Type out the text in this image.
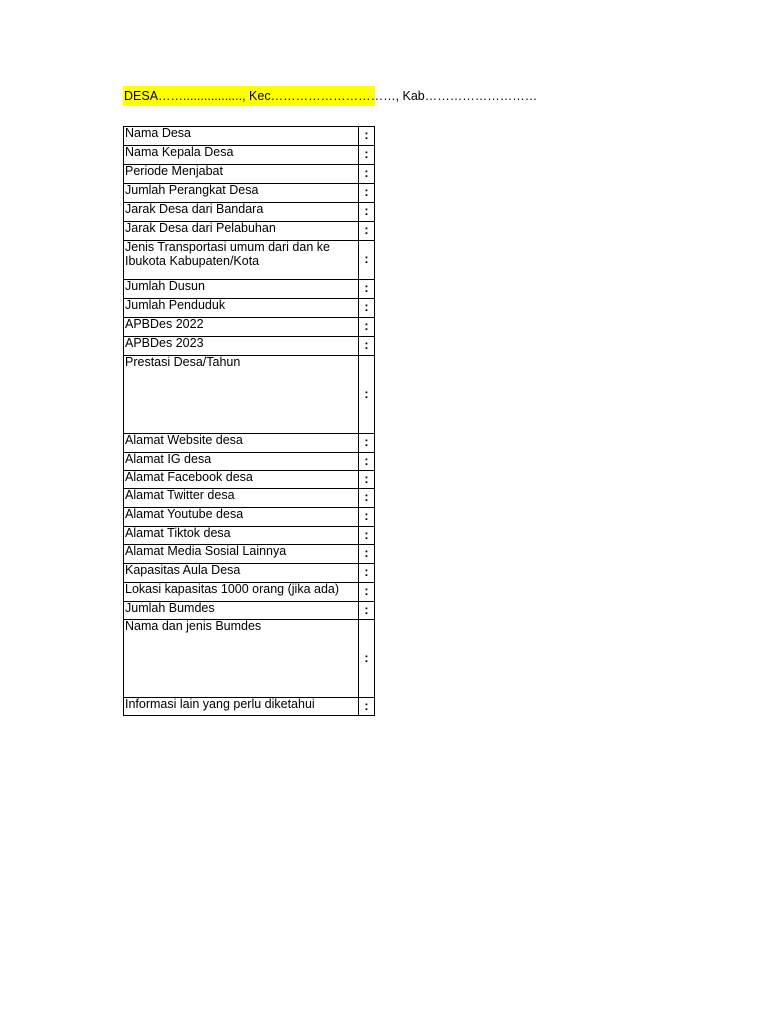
DESA……................., Kec…………………………, Kab………………………
Nama Desa	:
Nama Kepala Desa	:
Periode Menjabat	:
Jumlah Perangkat Desa	:
Jarak Desa dari Bandara	:
Jarak Desa dari Pelabuhan	:
Jenis Transportasi umum dari dan ke Ibukota Kabupaten/Kota	:
Jumlah Dusun	:
Jumlah Penduduk	:
APBDes 2022	:
APBDes 2023	:
Prestasi Desa/Tahun	:
Alamat Website desa	:
Alamat IG desa	:
Alamat Facebook desa	:
Alamat Twitter desa	:
Alamat Youtube desa	:
Alamat Tiktok desa	:
Alamat Media Sosial Lainnya	:
Kapasitas Aula Desa	:
Lokasi kapasitas 1000 orang (jika ada)	:
Jumlah Bumdes	:
Nama dan jenis Bumdes	:
Informasi lain yang perlu diketahui	:
